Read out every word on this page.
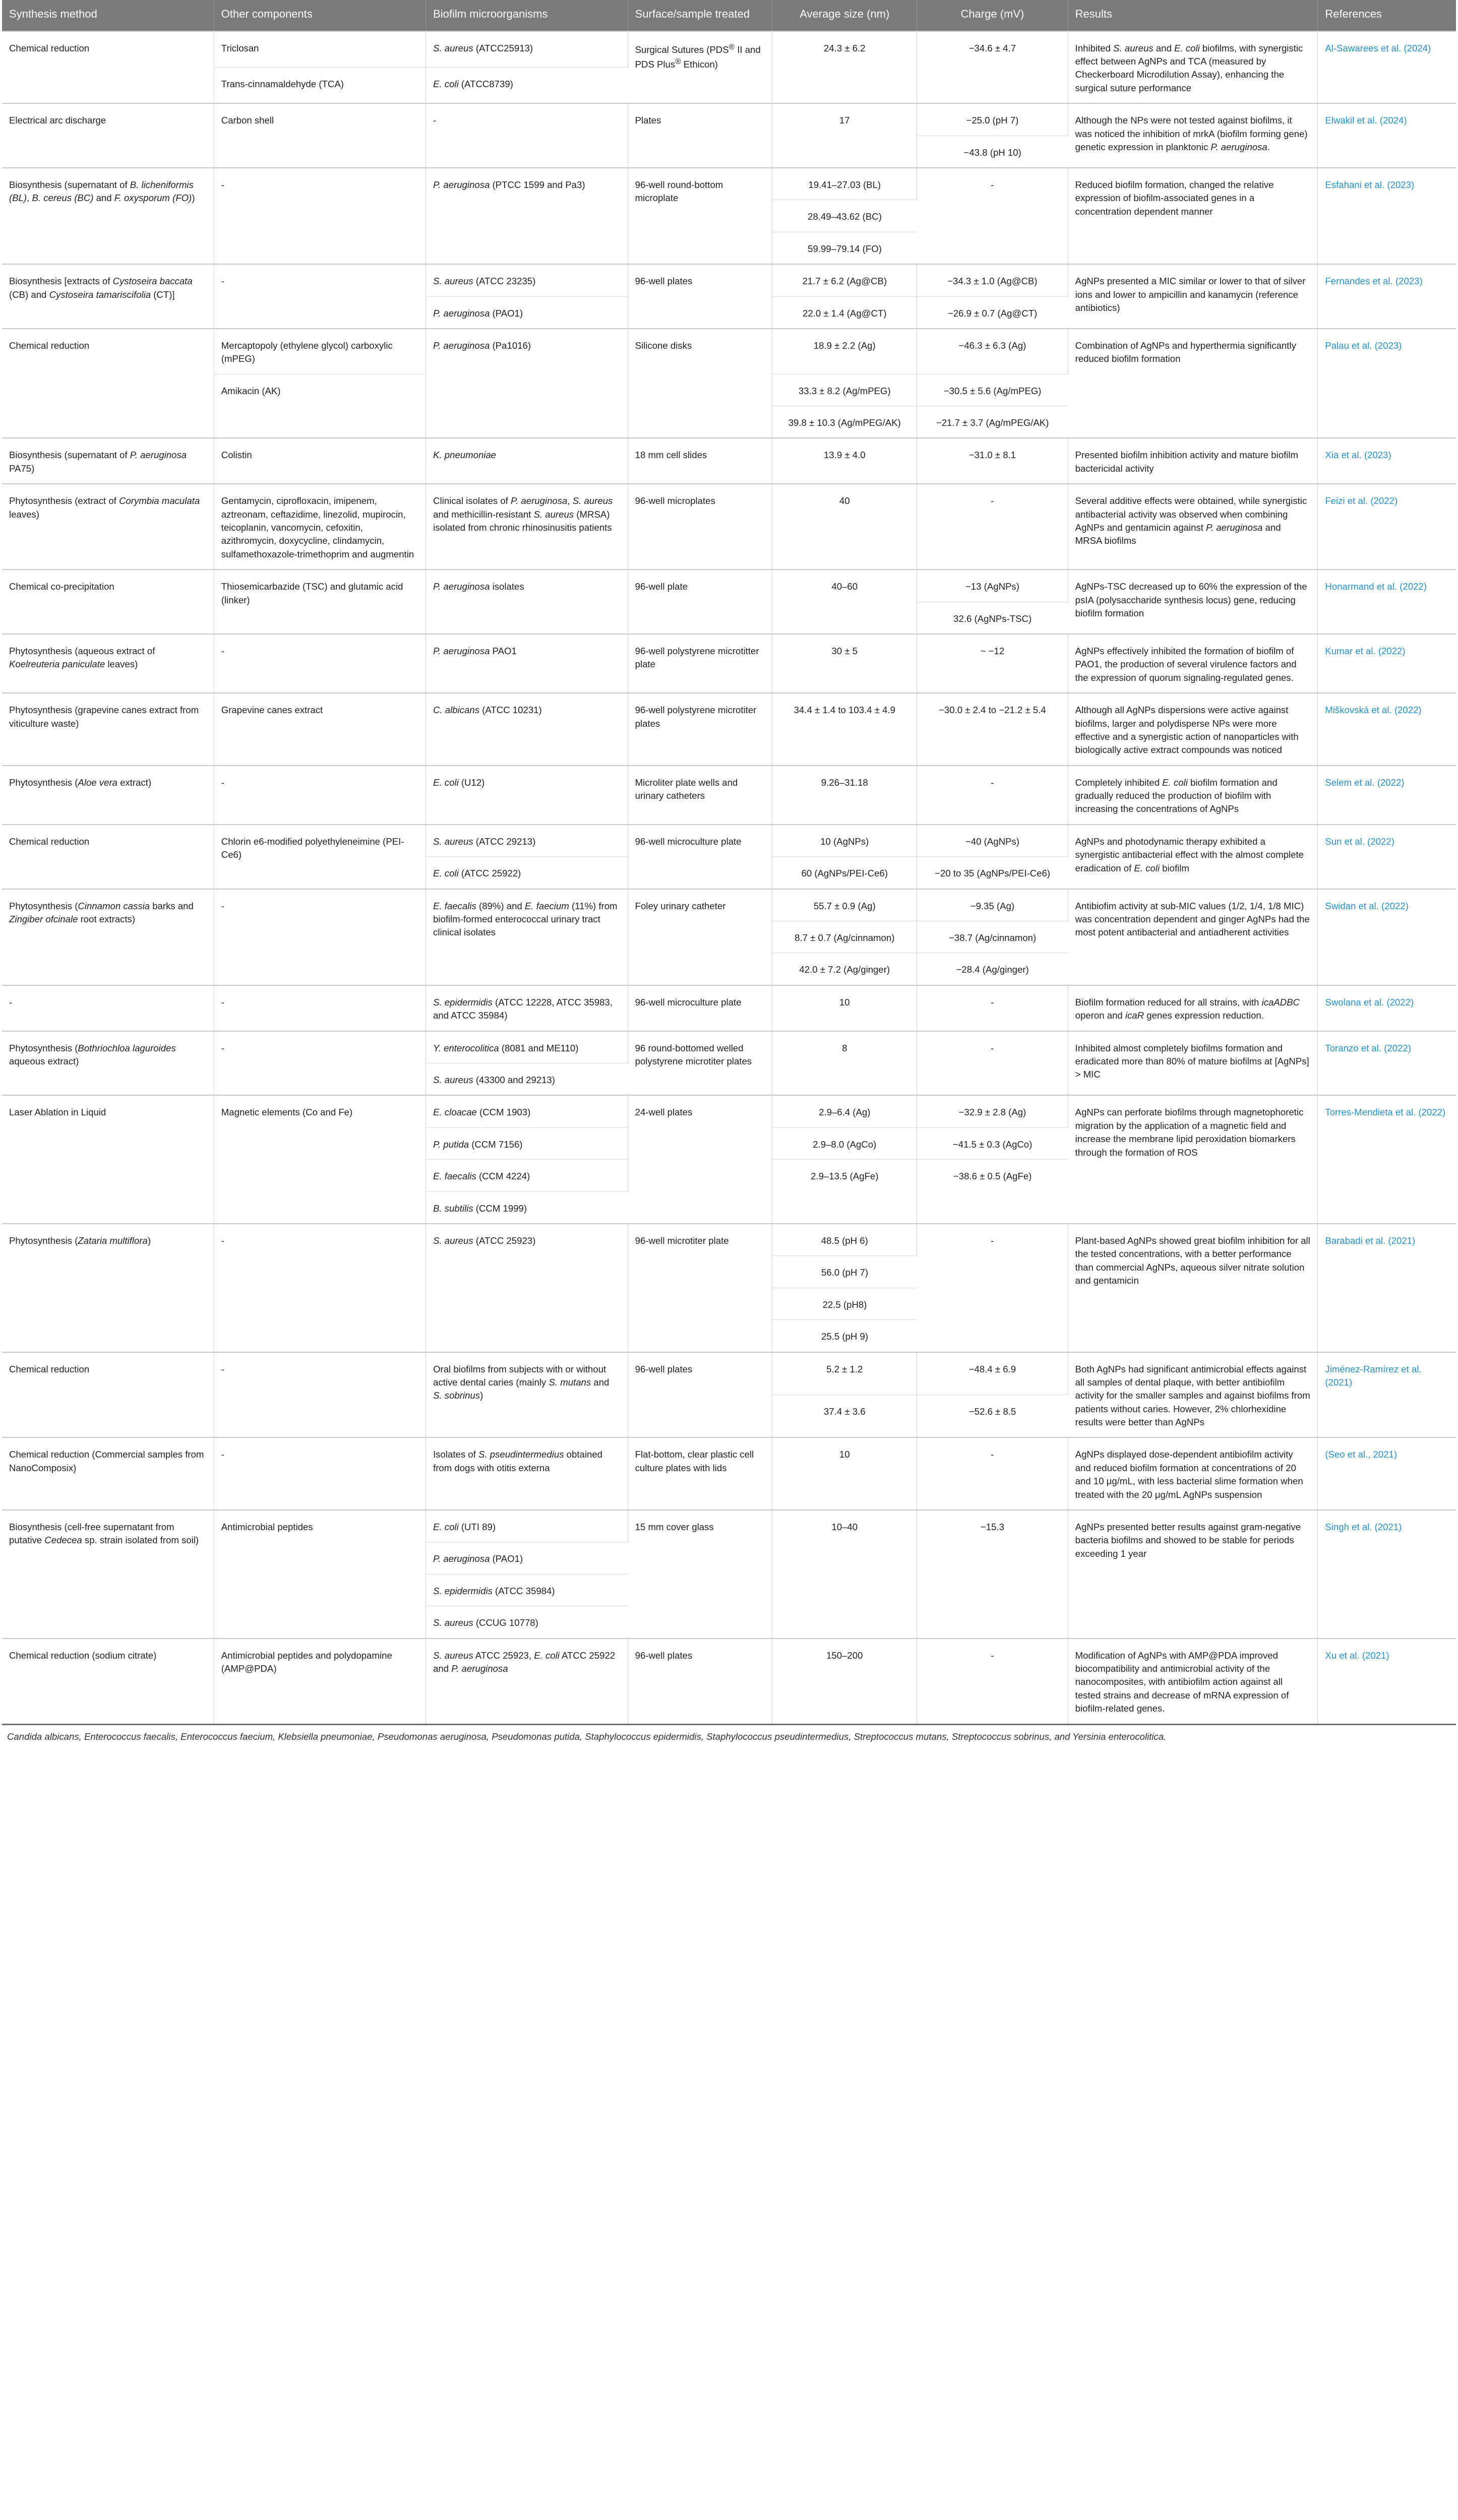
Synthesis method	Other components	Biofilm microorganisms	Surface/sample treated	Average size (nm)	Charge (mV)	Results	References
Chemical reduction	Triclosan	S. aureus (ATCC25913)	Surgical Sutures (PDS® II and PDS Plus® Ethicon)	24.3 ± 6.2	−34.6 ± 4.7	Inhibited S. aureus and E. coli biofilms, with synergistic effect between AgNPs and TCA (measured by Checkerboard Microdilution Assay), enhancing the surgical suture performance	Al-Sawarees et al. (2024)
	Trans-cinnamaldehyde (TCA)	E. coli (ATCC8739)					
Electrical arc discharge	Carbon shell	-	Plates	17	−25.0 (pH 7)	Although the NPs were not tested against biofilms, it was noticed the inhibition of mrkA (biofilm forming gene) genetic expression in planktonic P. aeruginosa.	Elwakil et al. (2024)
					−43.8 (pH 10)		
Biosynthesis (supernatant of B. licheniformis (BL), B. cereus (BC) and F. oxysporum (FO))	-	P. aeruginosa (PTCC 1599 and Pa3)	96-well round-bottom microplate	19.41–27.03 (BL)	-	Reduced biofilm formation, changed the relative expression of biofilm-associated genes in a concentration dependent manner	Esfahani et al. (2023)
				28.49–43.62 (BC)			
				59.99–79.14 (FO)			
Biosynthesis [extracts of Cystoseira baccata (CB) and Cystoseira tamariscifolia (CT)]	-	S. aureus (ATCC 23235)	96-well plates	21.7 ± 6.2 (Ag@CB)	−34.3 ± 1.0 (Ag@CB)	AgNPs presented a MIC similar or lower to that of silver ions and lower to ampicillin and kanamycin (reference antibiotics)	Fernandes et al. (2023)
		P. aeruginosa (PAO1)		22.0 ± 1.4 (Ag@CT)	−26.9 ± 0.7 (Ag@CT)		
Chemical reduction	Mercaptopoly (ethylene glycol) carboxylic (mPEG)	P. aeruginosa (Pa1016)	Silicone disks	18.9 ± 2.2 (Ag)	−46.3 ± 6.3 (Ag)	Combination of AgNPs and hyperthermia significantly reduced biofilm formation	Palau et al. (2023)
	Amikacin (AK)			33.3 ± 8.2 (Ag/mPEG)	−30.5 ± 5.6 (Ag/mPEG)		
				39.8 ± 10.3 (Ag/mPEG/AK)	−21.7 ± 3.7 (Ag/mPEG/AK)		
Biosynthesis (supernatant of P. aeruginosa PA75)	Colistin	K. pneumoniae	18 mm cell slides	13.9 ± 4.0	−31.0 ± 8.1	Presented biofilm inhibition activity and mature biofilm bactericidal activity	Xia et al. (2023)
Phytosynthesis (extract of Corymbia maculata leaves)	Gentamycin, ciprofloxacin, imipenem, aztreonam, ceftazidime, linezolid, mupirocin, teicoplanin, vancomycin, cefoxitin, azithromycin, doxycycline, clindamycin, sulfamethoxazole-trimethoprim and augmentin	Clinical isolates of P. aeruginosa, S. aureus and methicillin-resistant S. aureus (MRSA) isolated from chronic rhinosinusitis patients	96-well microplates	40	-	Several additive effects were obtained, while synergistic antibacterial activity was observed when combining AgNPs and gentamicin against P. aeruginosa and MRSA biofilms	Feizi et al. (2022)
Chemical co-precipitation	Thiosemicarbazide (TSC) and glutamic acid (linker)	P. aeruginosa isolates	96-well plate	40–60	−13 (AgNPs)	AgNPs-TSC decreased up to 60% the expression of the psIA (polysaccharide synthesis locus) gene, reducing biofilm formation	Honarmand et al. (2022)
					32.6 (AgNPs-TSC)		
Phytosynthesis (aqueous extract of Koelreuteria paniculate leaves)	-	P. aeruginosa PAO1	96-well polystyrene microtitter plate	30 ± 5	~ −12	AgNPs effectively inhibited the formation of biofilm of PAO1, the production of several virulence factors and the expression of quorum signaling-regulated genes.	Kumar et al. (2022)
Phytosynthesis (grapevine canes extract from viticulture waste)	Grapevine canes extract	C. albicans (ATCC 10231)	96-well polystyrene microtiter plates	34.4 ± 1.4 to 103.4 ± 4.9	−30.0 ± 2.4 to −21.2 ± 5.4	Although all AgNPs dispersions were active against biofilms, larger and polydisperse NPs were more effective and a synergistic action of nanoparticles with biologically active extract compounds was noticed	Miškovská et al. (2022)
Phytosynthesis (Aloe vera extract)	-	E. coli (U12)	Microliter plate wells and urinary catheters	9.26–31.18	-	Completely inhibited E. coli biofilm formation and gradually reduced the production of biofilm with increasing the concentrations of AgNPs	Selem et al. (2022)
Chemical reduction	Chlorin e6-modified polyethyleneimine (PEI-Ce6)	S. aureus (ATCC 29213)	96-well microculture plate	10 (AgNPs)	−40 (AgNPs)	AgNPs and photodynamic therapy exhibited a synergistic antibacterial effect with the almost complete eradication of E. coli biofilm	Sun et al. (2022)
		E. coli (ATCC 25922)		60 (AgNPs/PEI-Ce6)	−20 to 35 (AgNPs/PEI-Ce6)		
Phytosynthesis (Cinnamon cassia barks and Zingiber ofcinale root extracts)	-	E. faecalis (89%) and E. faecium (11%) from biofilm-formed enterococcal urinary tract clinical isolates	Foley urinary catheter	55.7 ± 0.9 (Ag)	−9.35 (Ag)	Antibiofim activity at sub-MIC values (1/2, 1/4, 1/8 MIC) was concentration dependent and ginger AgNPs had the most potent antibacterial and antiadherent activities	Swidan et al. (2022)
				8.7 ± 0.7 (Ag/cinnamon)	−38.7 (Ag/cinnamon)		
				42.0 ± 7.2 (Ag/ginger)	−28.4 (Ag/ginger)		
-	-	S. epidermidis (ATCC 12228, ATCC 35983, and ATCC 35984)	96-well microculture plate	10	-	Biofilm formation reduced for all strains, with icaADBC operon and icaR genes expression reduction.	Swolana et al. (2022)
Phytosynthesis (Bothriochloa laguroides aqueous extract)	-	Y. enterocolitica (8081 and ME110)	96 round-bottomed welled polystyrene microtiter plates	8	-	Inhibited almost completely biofilms formation and eradicated more than 80% of mature biofilms at [AgNPs] > MIC	Toranzo et al. (2022)
		S. aureus (43300 and 29213)					
Laser Ablation in Liquid	Magnetic elements (Co and Fe)	E. cloacae (CCM 1903)	24-well plates	2.9–6.4 (Ag)	−32.9 ± 2.8 (Ag)	AgNPs can perforate biofilms through magnetophoretic migration by the application of a magnetic field and increase the membrane lipid peroxidation biomarkers through the formation of ROS	Torres-Mendieta et al. (2022)
		P. putida (CCM 7156)		2.9–8.0 (AgCo)	−41.5 ± 0.3 (AgCo)		
		E. faecalis (CCM 4224)		2.9–13.5 (AgFe)	−38.6 ± 0.5 (AgFe)		
		B. subtilis (CCM 1999)					
Phytosynthesis (Zataria multiflora)	-	S. aureus (ATCC 25923)	96-well microtiter plate	48.5 (pH 6)	-	Plant-based AgNPs showed great biofilm inhibition for all the tested concentrations, with a better performance than commercial AgNPs, aqueous silver nitrate solution and gentamicin	Barabadi et al. (2021)
				56.0 (pH 7)			
				22.5 (pH8)			
				25.5 (pH 9)			
Chemical reduction	-	Oral biofilms from subjects with or without active dental caries (mainly S. mutans and S. sobrinus)	96-well plates	5.2 ± 1.2	−48.4 ± 6.9	Both AgNPs had significant antimicrobial effects against all samples of dental plaque, with better antibiofilm activity for the smaller samples and against biofilms from patients without caries. However, 2% chlorhexidine results were better than AgNPs	Jiménez-Ramírez et al. (2021)
				37.4 ± 3.6	−52.6 ± 8.5		
Chemical reduction (Commercial samples from NanoComposix)	-	Isolates of S. pseudintermedius obtained from dogs with otitis externa	Flat-bottom, clear plastic cell culture plates with lids	10	-	AgNPs displayed dose-dependent antibiofilm activity and reduced biofilm formation at concentrations of 20 and 10 μg/mL, with less bacterial slime formation when treated with the 20 μg/mL AgNPs suspension	(Seo et al., 2021)
Biosynthesis (cell-free supernatant from putative Cedecea sp. strain isolated from soil)	Antimicrobial peptides	E. coli (UTI 89)	15 mm cover glass	10–40	−15.3	AgNPs presented better results against gram-negative bacteria biofilms and showed to be stable for periods exceeding 1 year	Singh et al. (2021)
		P. aeruginosa (PAO1)					
		S. epidermidis (ATCC 35984)					
		S. aureus (CCUG 10778)					
Chemical reduction (sodium citrate)	Antimicrobial peptides and polydopamine (AMP@PDA)	S. aureus ATCC 25923, E. coli ATCC 25922 and P. aeruginosa	96-well plates	150–200	-	Modification of AgNPs with AMP@PDA improved biocompatibility and antimicrobial activity of the nanocomposites, with antibiofilm action against all tested strains and decrease of mRNA expression of biofilm-related genes.	Xu et al. (2021)
Candida albicans, Enterococcus faecalis, Enterococcus faecium, Klebsiella pneumoniae, Pseudomonas aeruginosa, Pseudomonas putida, Staphylococcus epidermidis, Staphylococcus pseudintermedius, Streptococcus mutans, Streptococcus sobrinus, and Yersinia enterocolitica.
